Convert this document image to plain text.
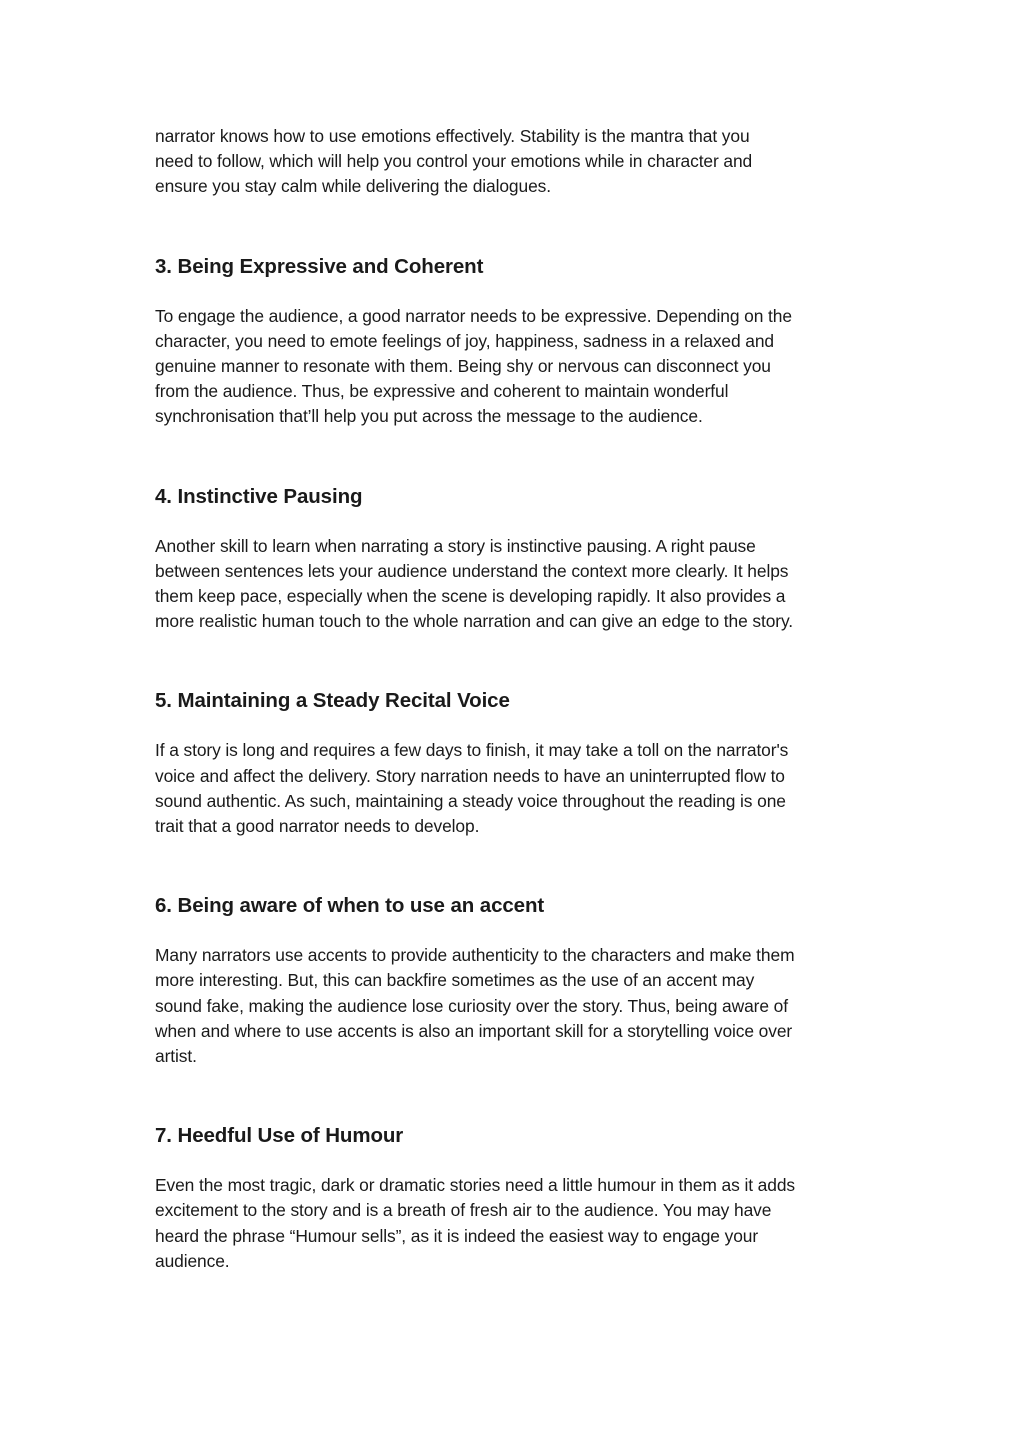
narrator knows how to use emotions effectively. Stability is the mantra that you
need to follow, which will help you control your emotions while in character and
ensure you stay calm while delivering the dialogues.

3. Being Expressive and Coherent

To engage the audience, a good narrator needs to be expressive. Depending on the
character, you need to emote feelings of joy, happiness, sadness in a relaxed and
genuine manner to resonate with them. Being shy or nervous can disconnect you
from the audience. Thus, be expressive and coherent to maintain wonderful
synchronisation that’ll help you put across the message to the audience.

4. Instinctive Pausing

Another skill to learn when narrating a story is instinctive pausing. A right pause
between sentences lets your audience understand the context more clearly. It helps
them keep pace, especially when the scene is developing rapidly. It also provides a
more realistic human touch to the whole narration and can give an edge to the story.

5. Maintaining a Steady Recital Voice

If a story is long and requires a few days to finish, it may take a toll on the narrator's
voice and affect the delivery. Story narration needs to have an uninterrupted flow to
sound authentic. As such, maintaining a steady voice throughout the reading is one
trait that a good narrator needs to develop.

6. Being aware of when to use an accent

Many narrators use accents to provide authenticity to the characters and make them
more interesting. But, this can backfire sometimes as the use of an accent may
sound fake, making the audience lose curiosity over the story. Thus, being aware of
when and where to use accents is also an important skill for a storytelling voice over
artist.

7. Heedful Use of Humour

Even the most tragic, dark or dramatic stories need a little humour in them as it adds
excitement to the story and is a breath of fresh air to the audience. You may have
heard the phrase “Humour sells”, as it is indeed the easiest way to engage your
audience.
